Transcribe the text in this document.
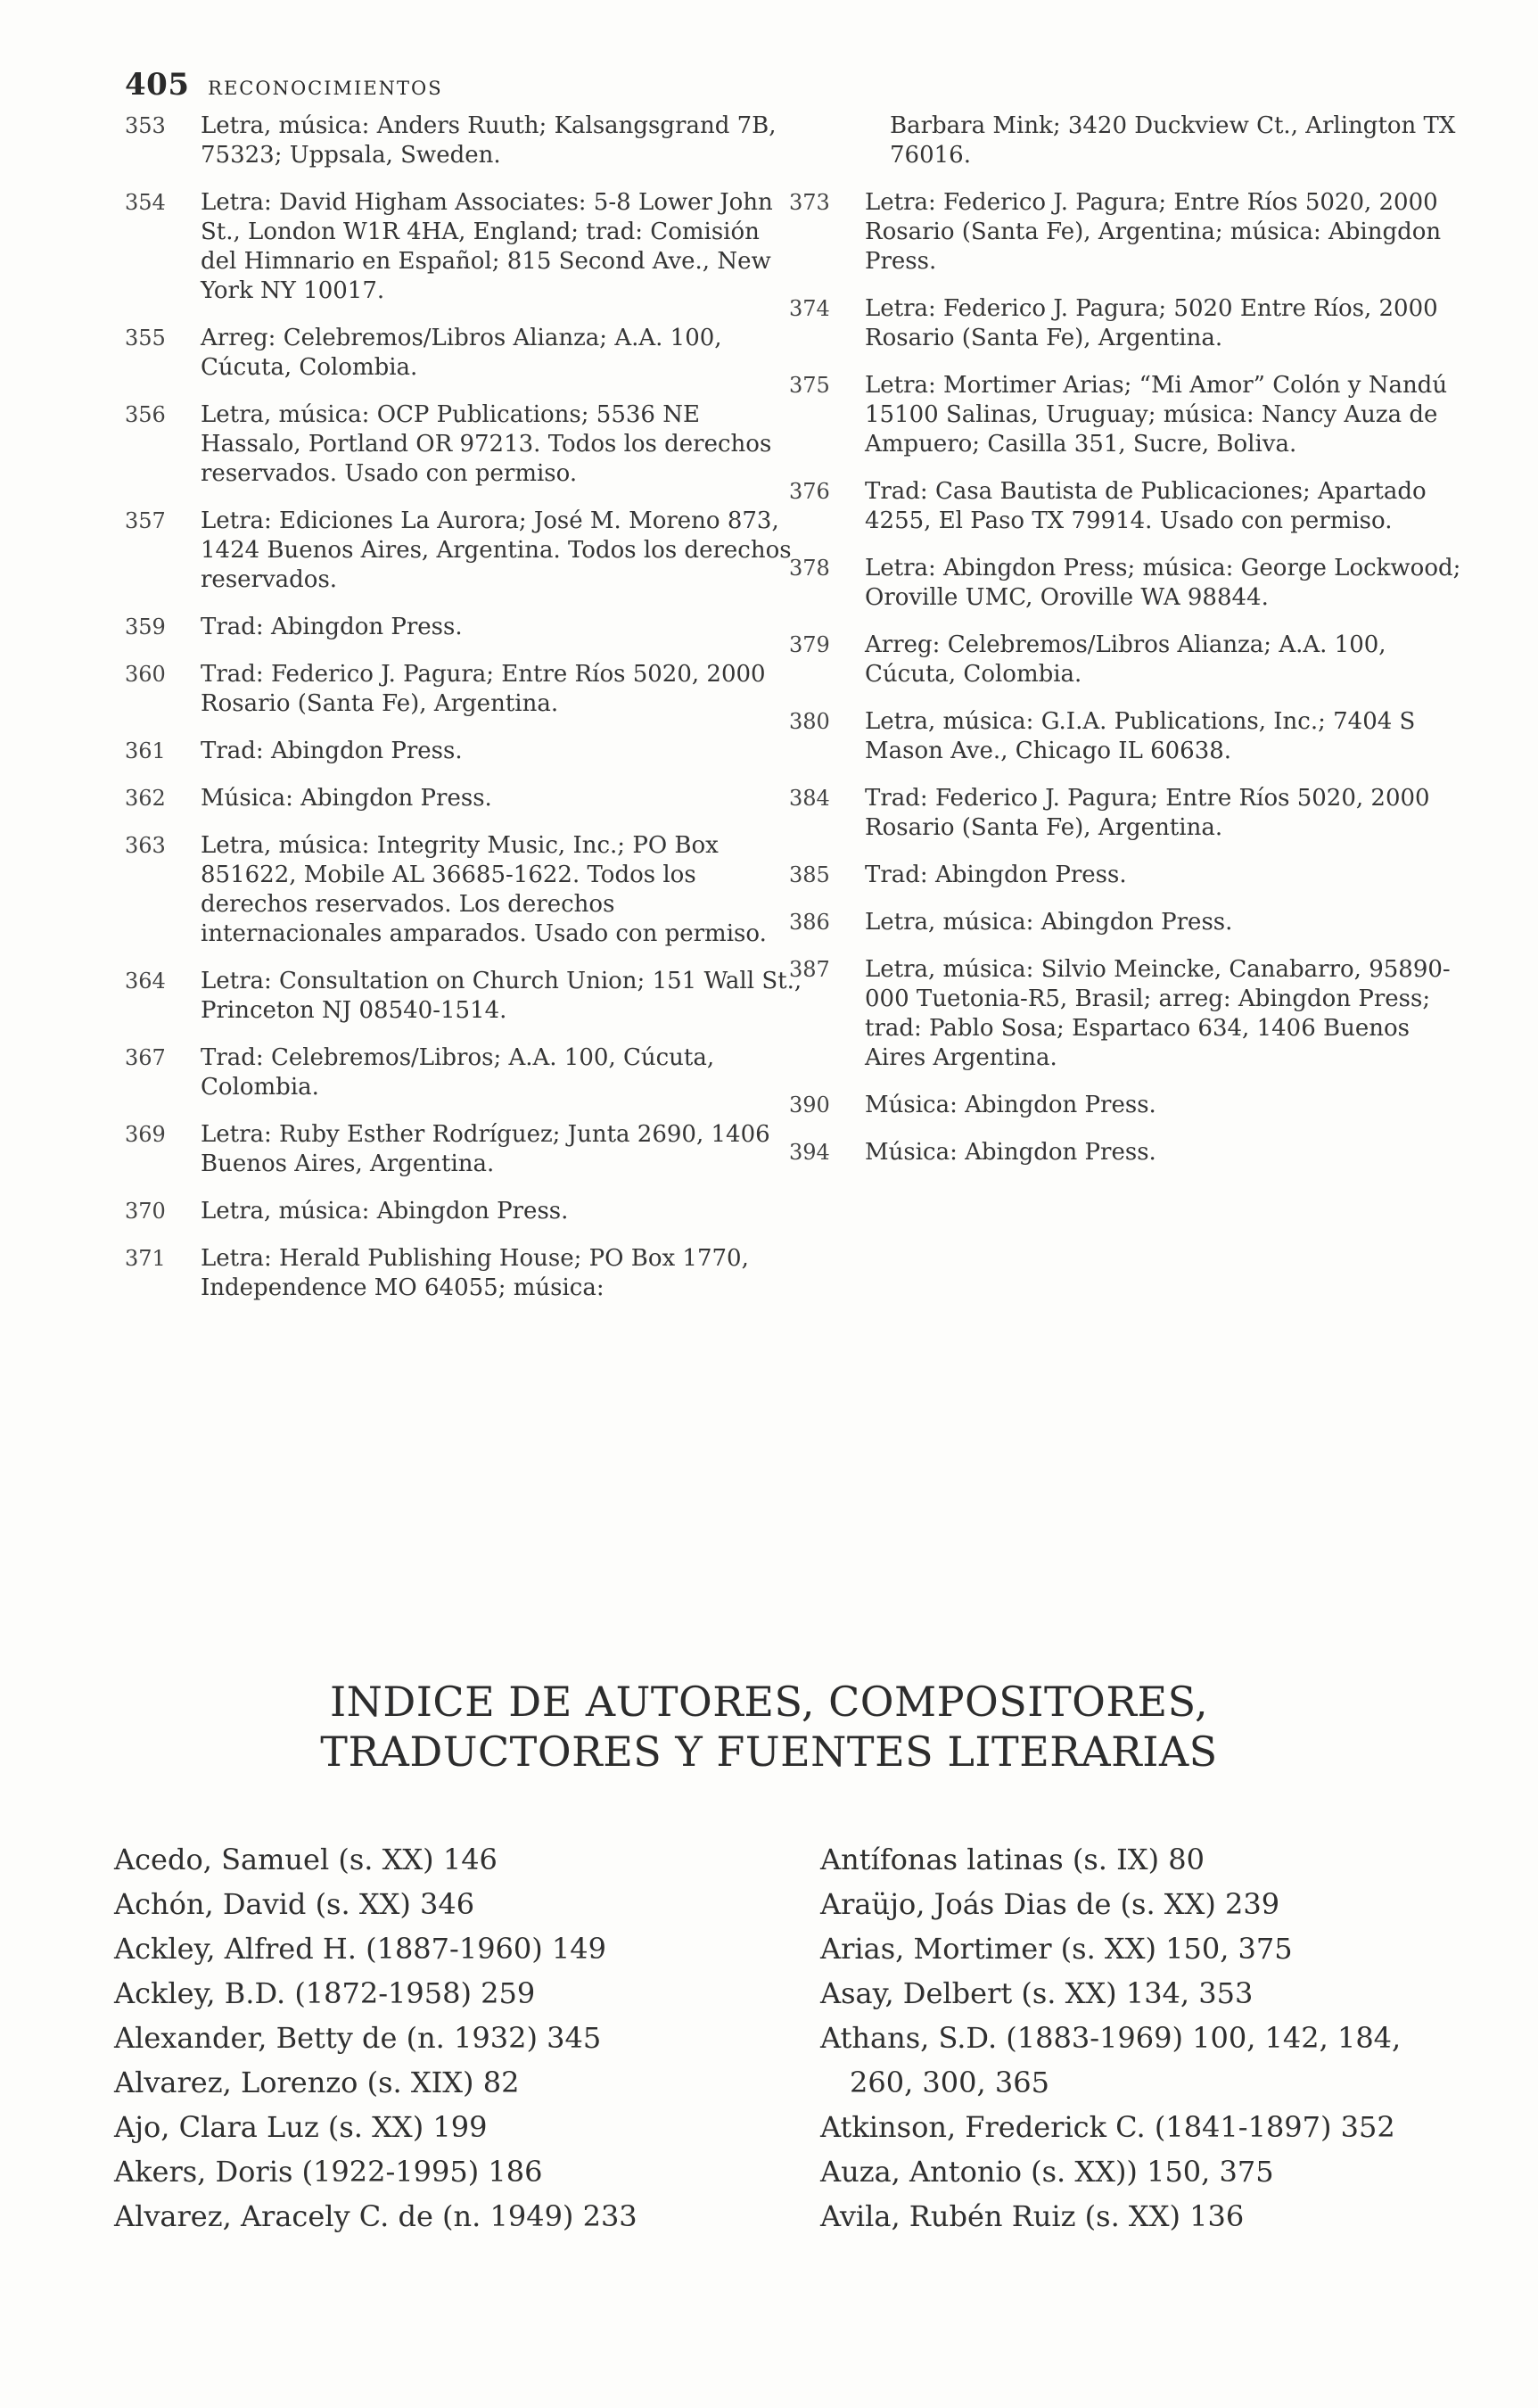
405 RECONOCIMIENTOS
353	Letra, música: Anders Ruuth; Kalsangsgrand 7B, 75323; Uppsala, Sweden.
354	Letra: David Higham Associates: 5-8 Lower John St., London W1R 4HA, England; trad: Comisión del Himnario en Español; 815 Second Ave., New York NY 10017.
355	Arreg: Celebremos/Libros Alianza; A.A. 100, Cúcuta, Colombia.
356	Letra, música: OCP Publications; 5536 NE Hassalo, Portland OR 97213. Todos los derechos reservados. Usado con permiso.
357	Letra: Ediciones La Aurora; José M. Moreno 873, 1424 Buenos Aires, Argentina. Todos los derechos reservados.
359	Trad: Abingdon Press.
360	Trad: Federico J. Pagura; Entre Ríos 5020, 2000 Rosario (Santa Fe), Argentina.
361	Trad: Abingdon Press.
362	Música: Abingdon Press.
363	Letra, música: Integrity Music, Inc.; PO Box 851622, Mobile AL 36685-1622. Todos los derechos reservados. Los derechos internacionales amparados. Usado con permiso.
364	Letra: Consultation on Church Union; 151 Wall St., Princeton NJ 08540-1514.
367	Trad: Celebremos/Libros; A.A. 100, Cúcuta, Colombia.
369	Letra: Ruby Esther Rodríguez; Junta 2690, 1406 Buenos Aires, Argentina.
370	Letra, música: Abingdon Press.
371	Letra: Herald Publishing House; PO Box 1770, Independence MO 64055; música:
Barbara Mink; 3420 Duckview Ct., Arlington TX 76016.
373	Letra: Federico J. Pagura; Entre Ríos 5020, 2000 Rosario (Santa Fe), Argentina; música: Abingdon Press.
374	Letra: Federico J. Pagura; 5020 Entre Ríos, 2000 Rosario (Santa Fe), Argentina.
375	Letra: Mortimer Arias; “Mi Amor” Colón y Nandú 15100 Salinas, Uruguay; música: Nancy Auza de Ampuero; Casilla 351, Sucre, Boliva.
376	Trad: Casa Bautista de Publicaciones; Apartado 4255, El Paso TX 79914. Usado con permiso.
378	Letra: Abingdon Press; música: George Lockwood; Oroville UMC, Oroville WA 98844.
379	Arreg: Celebremos/Libros Alianza; A.A. 100, Cúcuta, Colombia.
380	Letra, música: G.I.A. Publications, Inc.; 7404 S Mason Ave., Chicago IL 60638.
384	Trad: Federico J. Pagura; Entre Ríos 5020, 2000 Rosario (Santa Fe), Argentina.
385	Trad: Abingdon Press.
386	Letra, música: Abingdon Press.
387	Letra, música: Silvio Meincke, Canabarro, 95890-000 Tuetonia-R5, Brasil; arreg: Abingdon Press; trad: Pablo Sosa; Espartaco 634, 1406 Buenos Aires Argentina.
390	Música: Abingdon Press.
394	Música: Abingdon Press.
INDICE DE AUTORES, COMPOSITORES,
TRADUCTORES Y FUENTES LITERARIAS
Acedo, Samuel (s. XX) 146
Achón, David (s. XX) 346
Ackley, Alfred H. (1887-1960) 149
Ackley, B.D. (1872-1958) 259
Alexander, Betty de (n. 1932) 345
Alvarez, Lorenzo (s. XIX) 82
Ajo, Clara Luz (s. XX) 199
Akers, Doris (1922-1995) 186
Alvarez, Aracely C. de (n. 1949) 233
Antífonas latinas (s. IX) 80
Araüjo, Joás Dias de (s. XX) 239
Arias, Mortimer (s. XX) 150, 375
Asay, Delbert (s. XX) 134, 353
Athans, S.D. (1883-1969) 100, 142, 184,
260, 300, 365
Atkinson, Frederick C. (1841-1897) 352
Auza, Antonio (s. XX)) 150, 375
Avila, Rubén Ruiz (s. XX) 136
